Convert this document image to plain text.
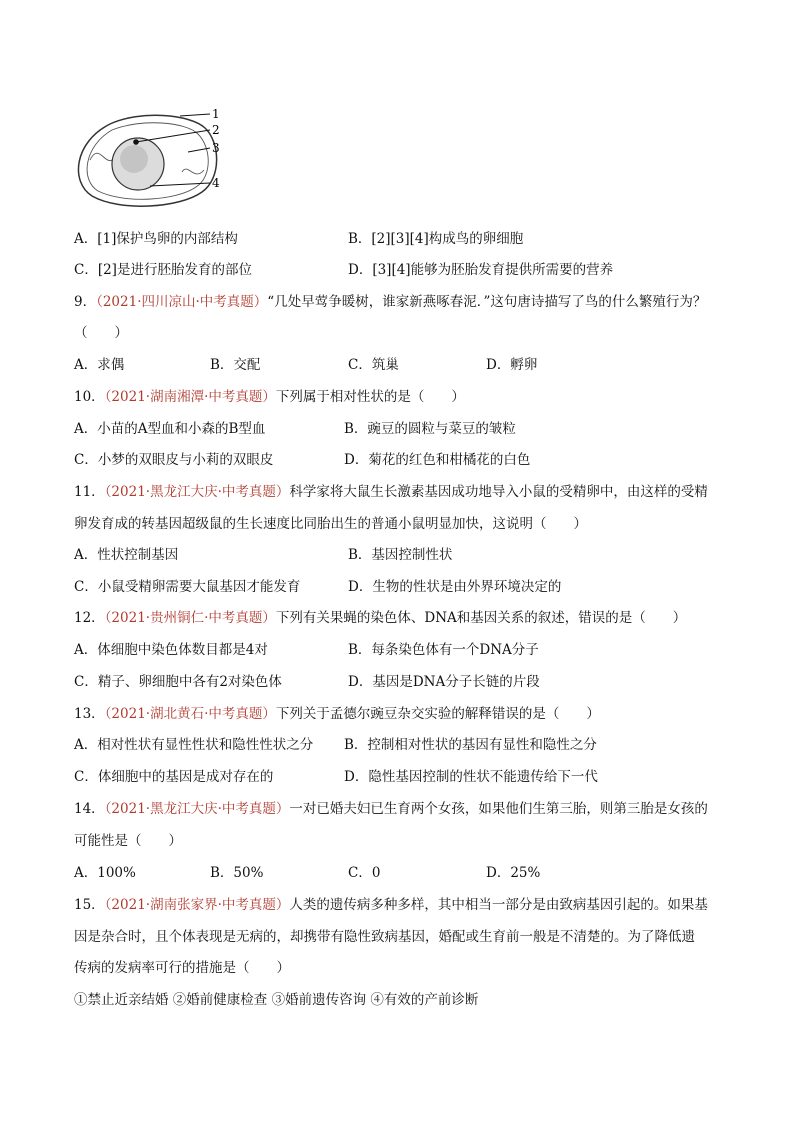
1
2
3
4
A．[1]保护鸟卵的内部结构	B．[2][3][4]构成鸟的卵细胞
C．[2]是进行胚胎发育的部位	D．[3][4]能够为胚胎发育提供所需要的营养
9．（2021·四川凉山·中考真题）“几处早莺争暖树，谁家新燕啄春泥．”这句唐诗描写了鸟的什么繁殖行为？
（　　）
A．求偶	B．交配	C．筑巢	D．孵卵
10．（2021·湖南湘潭·中考真题）下列属于相对性状的是（　　）
A．小苗的A型血和小森的B型血	B．豌豆的圆粒与菜豆的皱粒
C．小梦的双眼皮与小莉的双眼皮	D．菊花的红色和柑橘花的白色
11．（2021·黑龙江大庆·中考真题）科学家将大鼠生长激素基因成功地导入小鼠的受精卵中，由这样的受精
卵发育成的转基因超级鼠的生长速度比同胎出生的普通小鼠明显加快，这说明（　　）
A．性状控制基因	B．基因控制性状
C．小鼠受精卵需要大鼠基因才能发育	D．生物的性状是由外界环境决定的
12．（2021·贵州铜仁·中考真题）下列有关果蝇的染色体、DNA和基因关系的叙述，错误的是（　　）
A．体细胞中染色体数目都是4对	B．每条染色体有一个DNA分子
C．精子、卵细胞中各有2对染色体	D．基因是DNA分子长链的片段
13．（2021·湖北黄石·中考真题）下列关于孟德尔豌豆杂交实验的解释错误的是（　　）
A．相对性状有显性性状和隐性性状之分 B．控制相对性状的基因有显性和隐性之分
C．体细胞中的基因是成对存在的	D．隐性基因控制的性状不能遗传给下一代
14．（2021·黑龙江大庆·中考真题）一对已婚夫妇已生育两个女孩，如果他们生第三胎，则第三胎是女孩的
可能性是（　　）
A．100%	B．50%	C．0	D．25%
15．（2021·湖南张家界·中考真题）人类的遗传病多种多样，其中相当一部分是由致病基因引起的。如果基
因是杂合时，且个体表现是无病的，却携带有隐性致病基因，婚配或生育前一般是不清楚的。为了降低遗
传病的发病率可行的措施是（　　）
①禁止近亲结婚 ②婚前健康检查 ③婚前遗传咨询 ④有效的产前诊断
